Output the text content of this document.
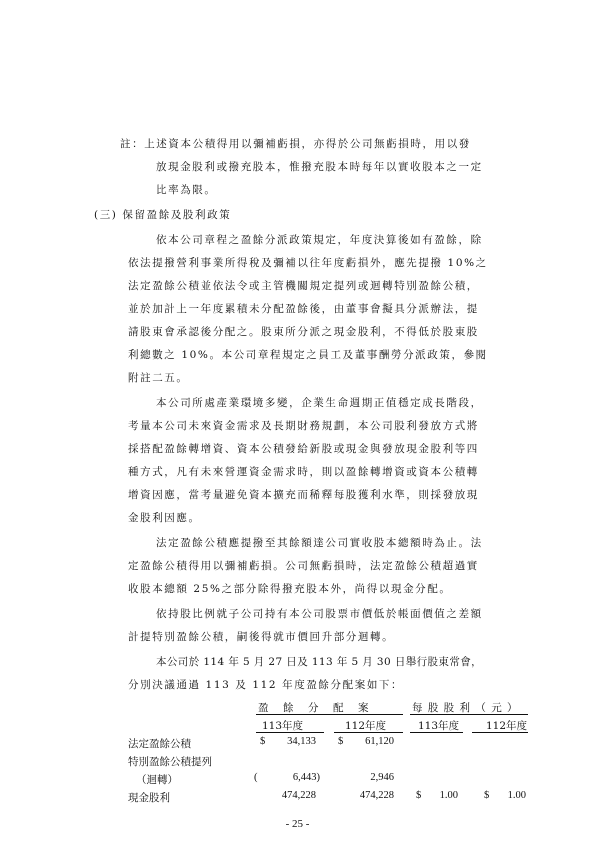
註：上述資本公積得用以彌補虧損，亦得於公司無虧損時，用以發
放現金股利或撥充股本，惟撥充股本時每年以實收股本之一定
比率為限。
(三) 保留盈餘及股利政策
依本公司章程之盈餘分派政策規定，年度決算後如有盈餘，除
依法提撥營利事業所得稅及彌補以往年度虧損外，應先提撥 10%之
法定盈餘公積並依法令或主管機關規定提列或迴轉特別盈餘公積，
並於加計上一年度累積未分配盈餘後，由董事會擬具分派辦法，提
請股東會承認後分配之。股東所分派之現金股利，不得低於股東股
利總數之 10%。本公司章程規定之員工及董事酬勞分派政策，參閱
附註二五。
本公司所處產業環境多變，企業生命週期正值穩定成長階段，
考量本公司未來資金需求及長期財務規劃，本公司股利發放方式將
採搭配盈餘轉增資、資本公積發給新股或現金與發放現金股利等四
種方式，凡有未來營運資金需求時，則以盈餘轉增資或資本公積轉
增資因應，當考量避免資本擴充而稀釋每股獲利水準，則採發放現
金股利因應。
法定盈餘公積應提撥至其餘額達公司實收股本總額時為止。法
定盈餘公積得用以彌補虧損。公司無虧損時，法定盈餘公積超過實
收股本總額 25%之部分除得撥充股本外，尚得以現金分配。
依持股比例就子公司持有本公司股票市價低於帳面價值之差額
計提特別盈餘公積，嗣後得就市價回升部分迴轉。
本公司於 114 年 5 月 27 日及 113 年 5 月 30 日舉行股東常會，
分別決議通過 113 及 112 年度盈餘分配案如下：
盈　餘　分　配　案	每 股 股 利 （ 元 ）
113年度	112年度	113年度	112年度
法定盈餘公積	$	34,133 $	61,120
特別盈餘公積提列
（迴轉）	(	6,443)	2,946
現金股利	474,228	474,228 $	1.00 $	1.00
- 25 -
